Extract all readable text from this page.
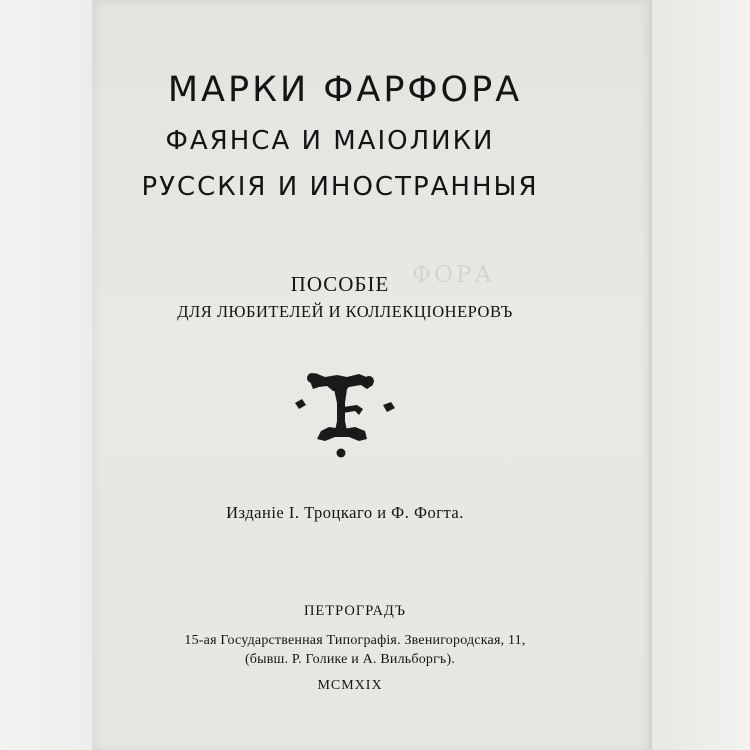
ФОРА
МАРКИ ФАРФОРА
ФАЯНСА И МАІОЛИКИ
РУССКІЯ И ИНОСТРАННЫЯ
ПОСОБІЕ
ДЛЯ ЛЮБИТЕЛЕЙ И КОЛЛЕКЦІОНЕРОВЪ
Изданіе І. Троцкаго и Ф. Фогта.
ПЕТРОГРАДЪ
15-ая Государственная Типографія. Звенигородская, 11,
(бывш. Р. Голике и А. Вильборгъ).
MCMXIX
